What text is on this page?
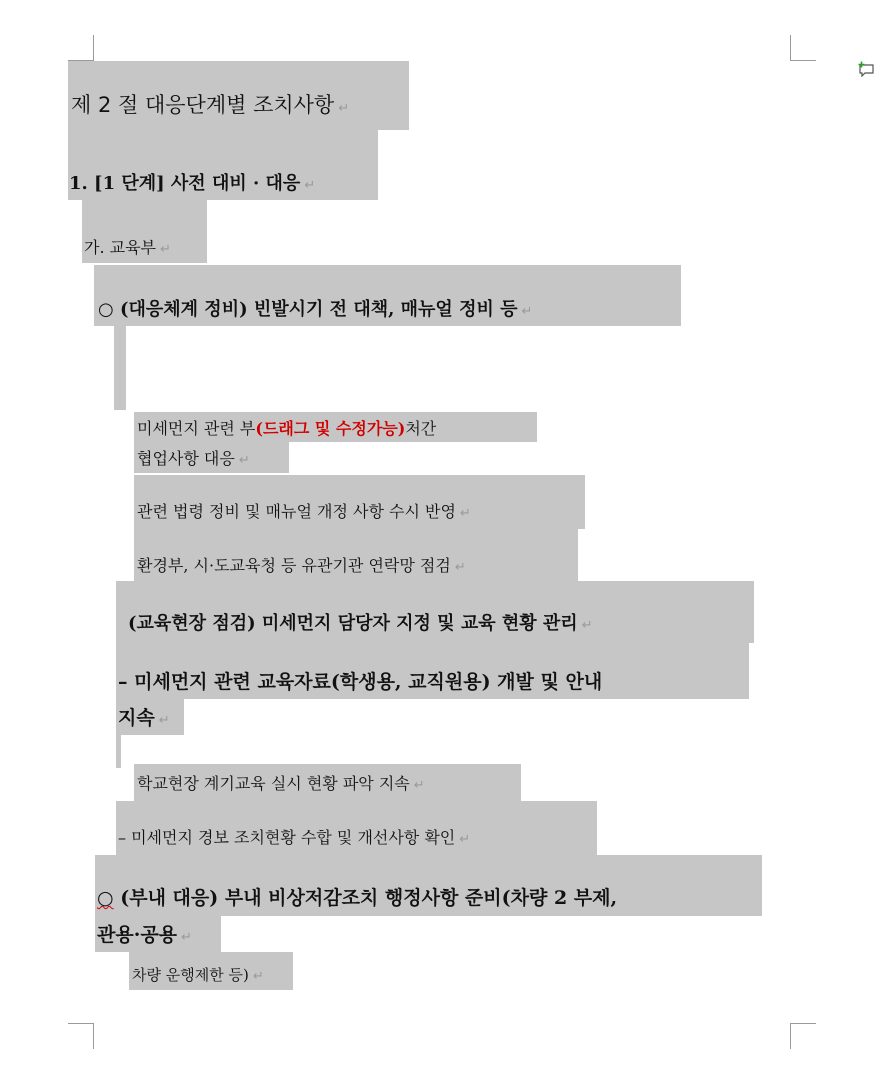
제 2 절 대응단계별 조치사항 ↵
1. [1 단계] 사전 대비 · 대응 ↵
가. 교육부 ↵
○ (대응체계 정비) 빈발시기 전 대책, 매뉴얼 정비 등 ↵
미세먼지 관련 부(드래그 및 수정가능)처간
협업사항 대응 ↵
관련 법령 정비 및 매뉴얼 개정 사항 수시 반영 ↵
환경부, 시·도교육청 등 유관기관 연락망 점검 ↵
(교육현장 점검) 미세먼지 담당자 지정 및 교육 현황 관리 ↵
– 미세먼지 관련 교육자료(학생용, 교직원용) 개발 및 안내
지속 ↵
학교현장 계기교육 실시 현황 파악 지속 ↵
– 미세먼지 경보 조치현황 수합 및 개선사항 확인 ↵
○ (부내 대응) 부내 비상저감조치 행정사항 준비(차량 2 부제,
관용·공용 ↵
차량 운행제한 등) ↵
